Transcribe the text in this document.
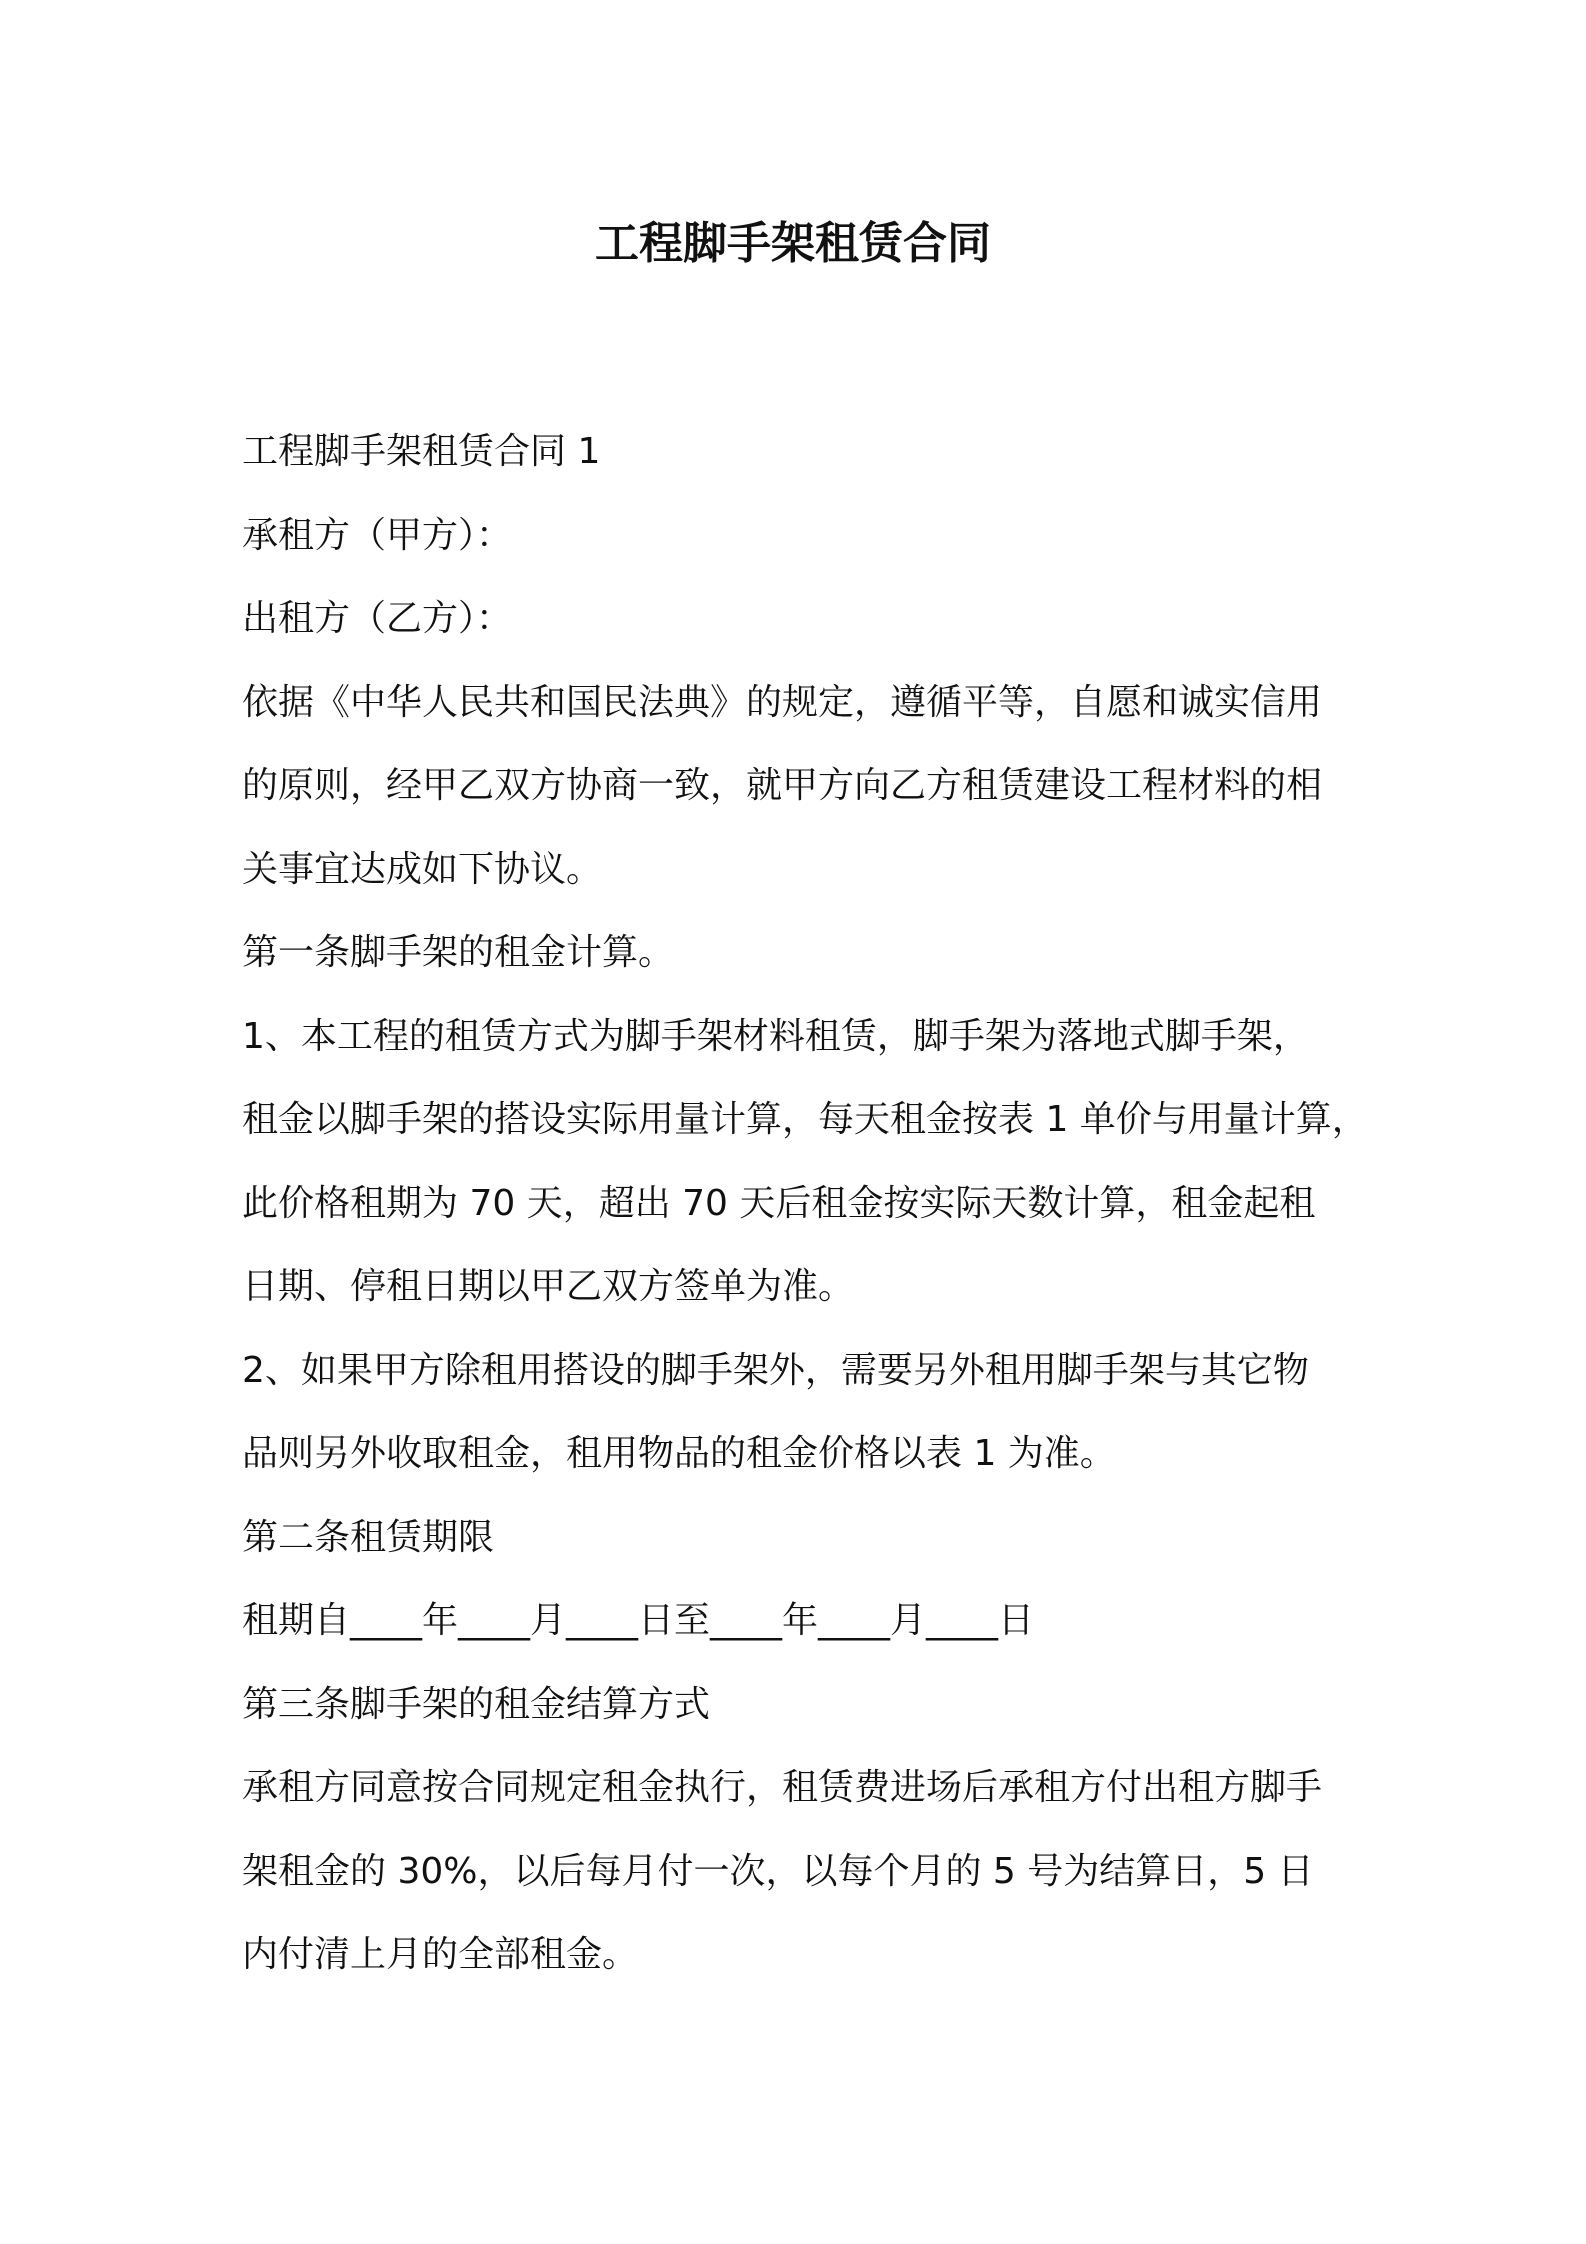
工程脚手架租赁合同
工程脚手架租赁合同 1
承租方（甲方）：
出租方（乙方）：
依据《中华人民共和国民法典》的规定，遵循平等，自愿和诚实信用
的原则，经甲乙双方协商一致，就甲方向乙方租赁建设工程材料的相
关事宜达成如下协议。
第一条脚手架的租金计算。
1、本工程的租赁方式为脚手架材料租赁，脚手架为落地式脚手架，
租金以脚手架的搭设实际用量计算，每天租金按表 1 单价与用量计算，
此价格租期为 70 天，超出 70 天后租金按实际天数计算，租金起租
日期、停租日期以甲乙双方签单为准。
2、如果甲方除租用搭设的脚手架外，需要另外租用脚手架与其它物
品则另外收取租金，租用物品的租金价格以表 1 为准。
第二条租赁期限
租期自____年____月____日至____年____月____日
第三条脚手架的租金结算方式
承租方同意按合同规定租金执行，租赁费进场后承租方付出租方脚手
架租金的 30%，以后每月付一次，以每个月的 5 号为结算日，5 日
内付清上月的全部租金。
